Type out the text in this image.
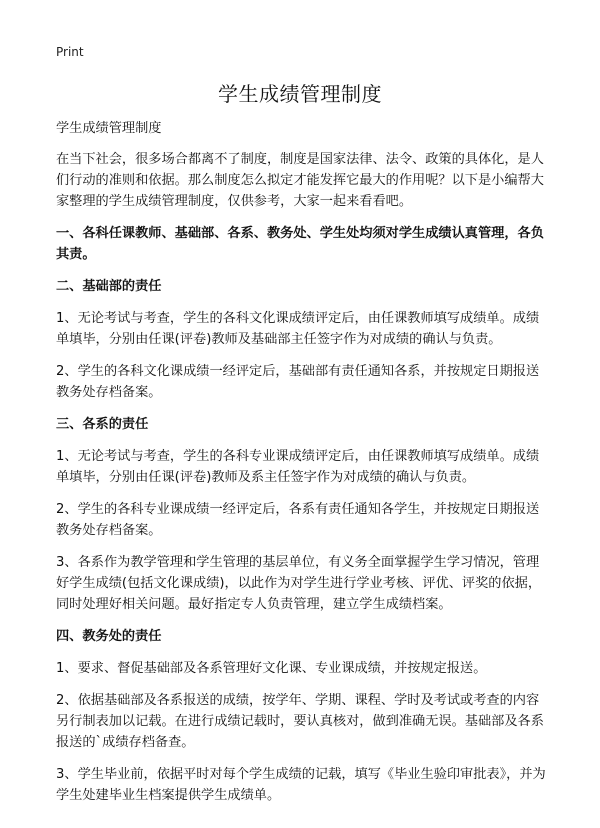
Print
学生成绩管理制度

学生成绩管理制度

在当下社会，很多场合都离不了制度，制度是国家法律、法令、政策的具体化，是人们行动的准则和依据。那么制度怎么拟定才能发挥它最大的作用呢？以下是小编帮大家整理的学生成绩管理制度，仅供参考，大家一起来看看吧。

一、各科任课教师、基础部、各系、教务处、学生处均须对学生成绩认真管理，各负其责。

二、基础部的责任

1、无论考试与考查，学生的各科文化课成绩评定后，由任课教师填写成绩单。成绩单填毕，分别由任课(评卷)教师及基础部主任签字作为对成绩的确认与负责。

2、学生的各科文化课成绩一经评定后，基础部有责任通知各系，并按规定日期报送教务处存档备案。

三、各系的责任

1、无论考试与考查，学生的各科专业课成绩评定后，由任课教师填写成绩单。成绩单填毕，分别由任课(评卷)教师及系主任签字作为对成绩的确认与负责。

2、学生的各科专业课成绩一经评定后，各系有责任通知各学生，并按规定日期报送教务处存档备案。

3、各系作为教学管理和学生管理的基层单位，有义务全面掌握学生学习情况，管理好学生成绩(包括文化课成绩)，以此作为对学生进行学业考核、评优、评奖的依据，同时处理好相关问题。最好指定专人负责管理，建立学生成绩档案。

四、教务处的责任

1、要求、督促基础部及各系管理好文化课、专业课成绩，并按规定报送。

2、依据基础部及各系报送的成绩，按学年、学期、课程、学时及考试或考查的内容另行制表加以记载。在进行成绩记载时，要认真核对，做到准确无误。基础部及各系报送的`成绩存档备查。

3、学生毕业前，依据平时对每个学生成绩的记载，填写《毕业生验印审批表》，并为学生处建毕业生档案提供学生成绩单。
